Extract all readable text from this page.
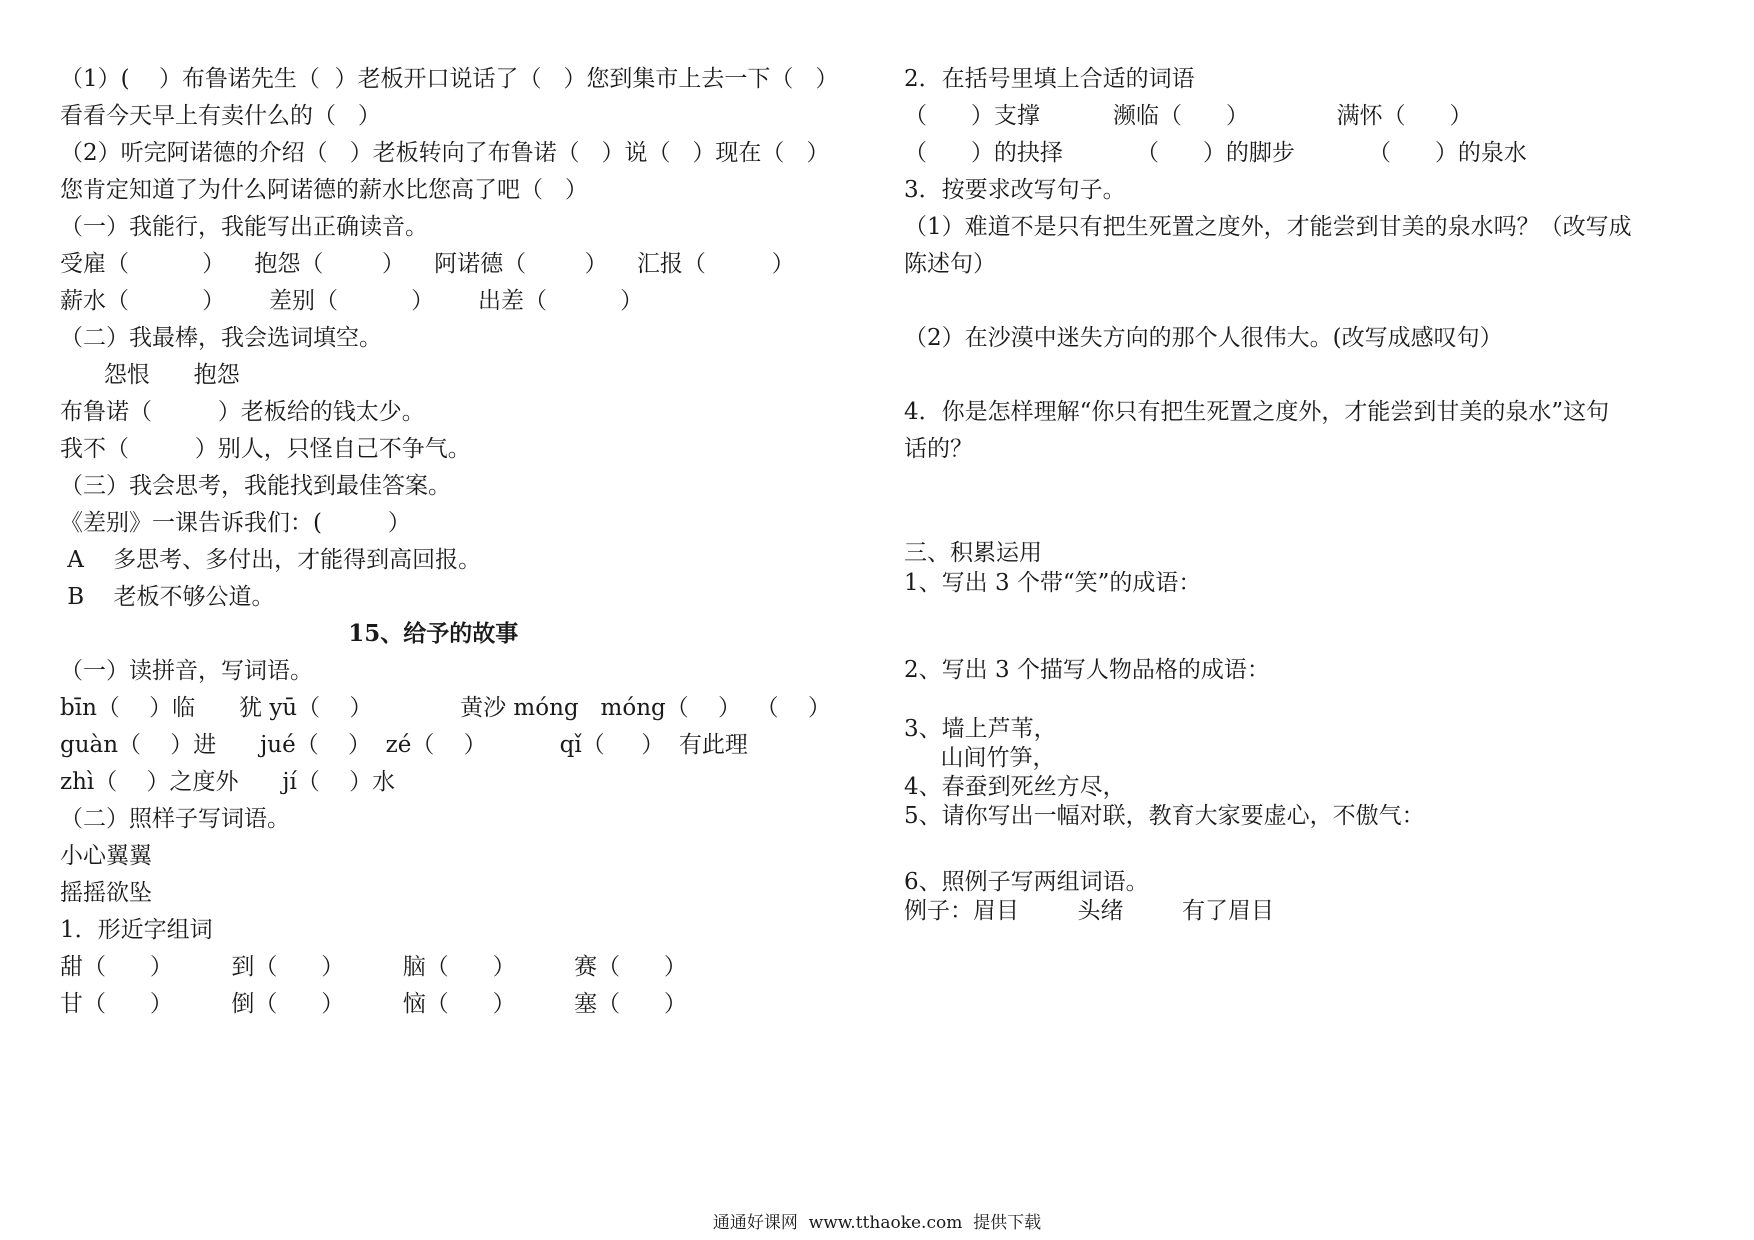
（1）(    ）布鲁诺先生（  ）老板开口说话了（   ）您到集市上去一下（   ）
看看今天早上有卖什么的（   ）
（2）听完阿诺德的介绍（   ）老板转向了布鲁诺（   ）说（   ）现在（   ）
您肯定知道了为什么阿诺德的薪水比您高了吧（   ）
（一）我能行，我能写出正确读音。
受雇（          ）    抱怨（        ）    阿诺德（        ）    汇报（         ）
薪水（          ）      差别（          ）      出差（          ）
（二）我最棒，我会选词填空。
怨恨      抱怨
布鲁诺（         ）老板给的钱太少。
我不（         ）别人，只怪自己不争气。
（三）我会思考，我能找到最佳答案。
《差别》一课告诉我们：(         ）
A    多思考、多付出，才能得到高回报。
B    老板不够公道。
15、给予的故事
（一）读拼音，写词语。
bīn（    ）临      犹 yū（    ）            黄沙 móng   móng（    ）  （    ）
guàn（    ）进      jué（    ）  zé（    ）          qǐ（     ）  有此理
zhì（    ）之度外      jí（    ）水
（二）照样子写词语。
小心翼翼
摇摇欲坠
1．形近字组词
甜（      ）        到（      ）        脑（      ）        赛（      ）
甘（      ）        倒（      ）        恼（      ）        塞（      ）
2．在括号里填上合适的词语
（      ）支撑          濒临（      ）            满怀（      ）
（      ）的抉择          （      ）的脚步          （      ）的泉水
3．按要求改写句子。
（1）难道不是只有把生死置之度外，才能尝到甘美的泉水吗？（改写成
陈述句）
（2）在沙漠中迷失方向的那个人很伟大。(改写成感叹句）
4．你是怎样理解“你只有把生死置之度外，才能尝到甘美的泉水”这句
话的？
三、积累运用
1、写出 3 个带“笑”的成语：
2、写出 3 个描写人物品格的成语：
3、墙上芦苇，
山间竹笋，
4、春蚕到死丝方尽，
5、请你写出一幅对联，教育大家要虚心，不傲气：
6、照例子写两组词语。
例子：眉目        头绪        有了眉目
通通好课网  www.tthaoke.com  提供下载
